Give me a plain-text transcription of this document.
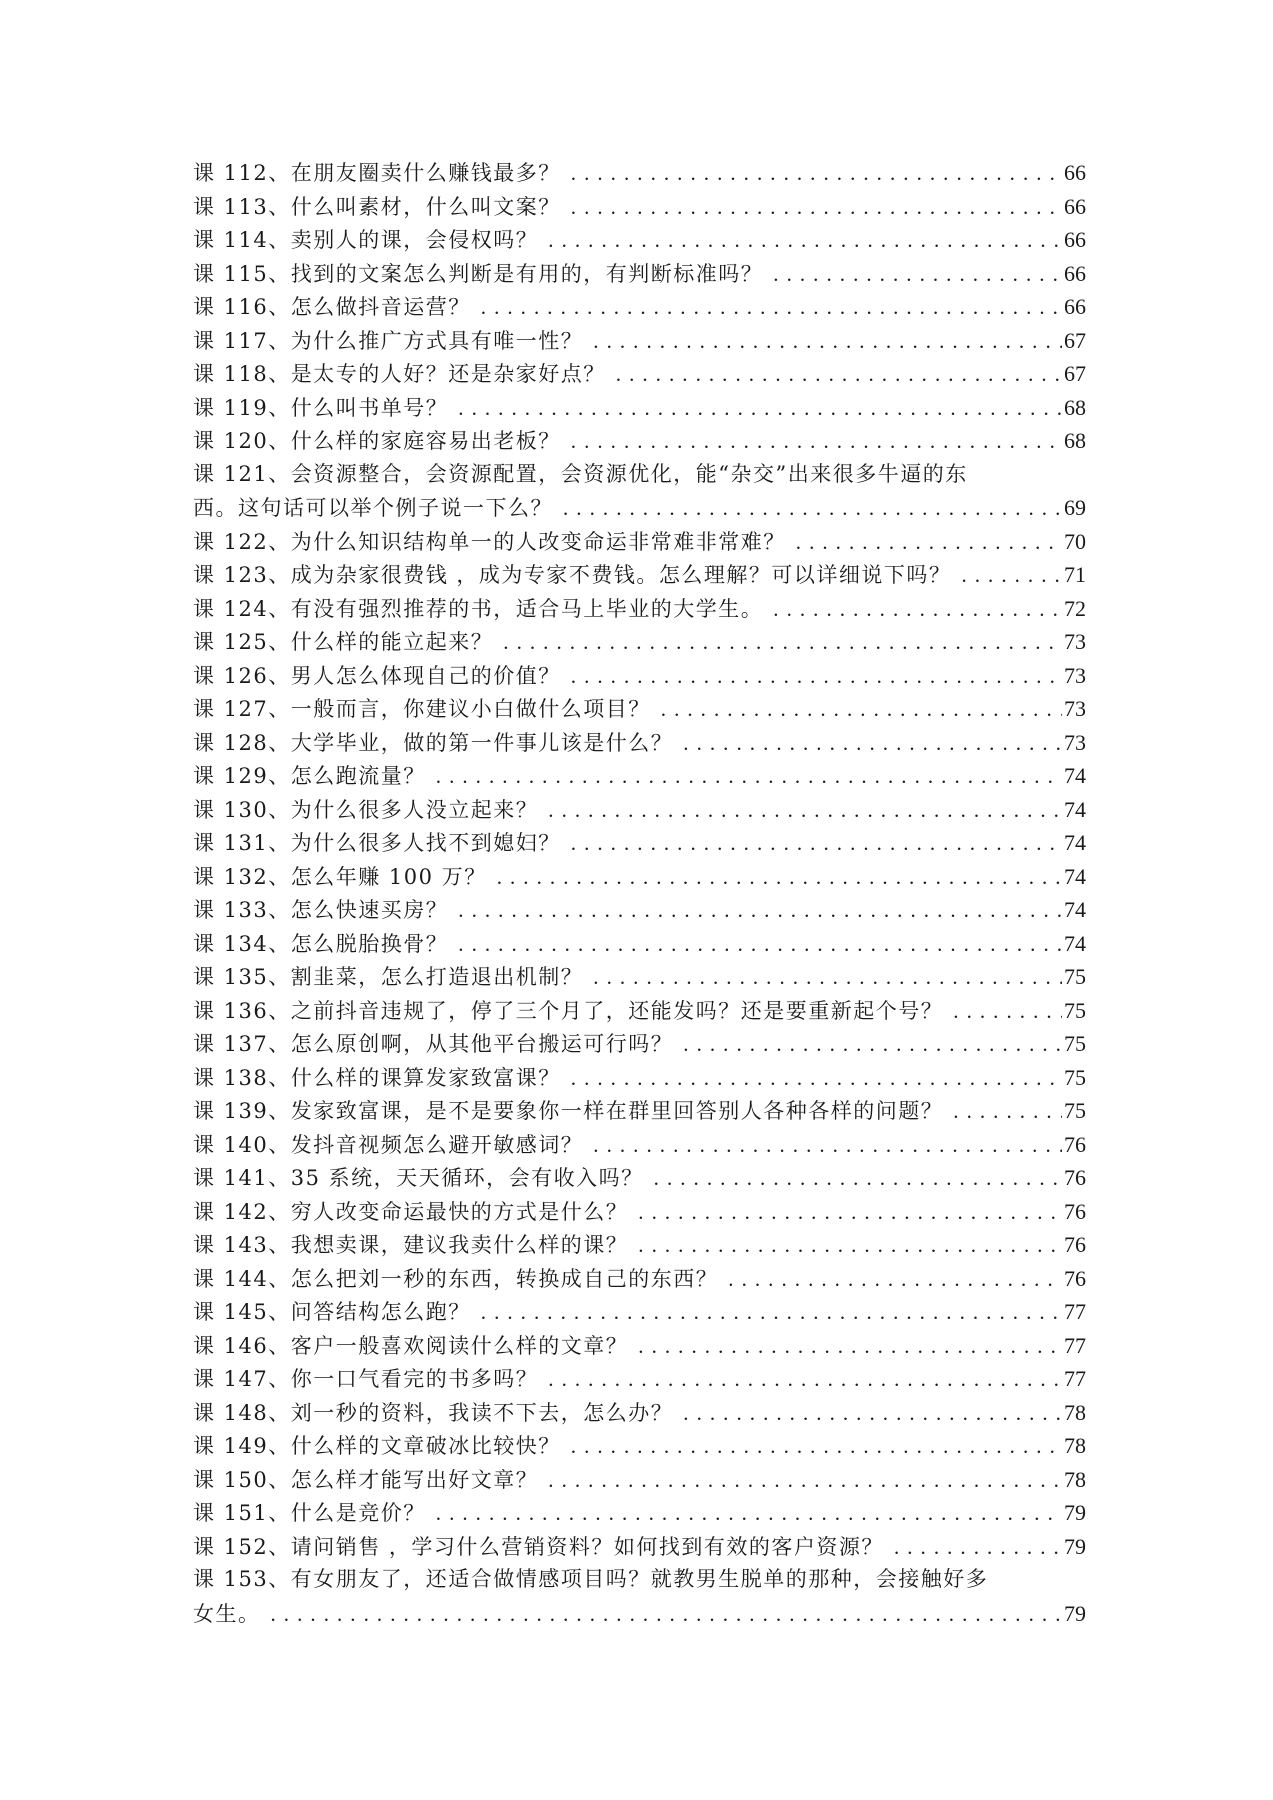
课 112、在朋友圈卖什么赚钱最多？ . . .	66
课 113、什么叫素材，什么叫文案？ . . .	66
课 114、卖别人的课，会侵权吗？ . . .	66
课 115、找到的文案怎么判断是有用的，有判断标准吗？ . . .	66
课 116、怎么做抖音运营？ . . .	66
课 117、为什么推广方式具有唯一性？ . . .	67
课 118、是太专的人好？还是杂家好点？ . . .	67
课 119、什么叫书单号？ . . .	68
课 120、什么样的家庭容易出老板？ . . .	68
课 121、会资源整合，会资源配置，会资源优化，能“杂交”出来很多牛逼的东
西。这句话可以举个例子说一下么？ . . .	69
课 122、为什么知识结构单一的人改变命运非常难非常难？ . . .	70
课 123、成为杂家很费钱 ，成为专家不费钱。怎么理解？可以详细说下吗？ . . .	71
课 124、有没有强烈推荐的书，适合马上毕业的大学生。 . . .	72
课 125、什么样的能立起来？ . . .	73
课 126、男人怎么体现自己的价值？ . . .	73
课 127、一般而言，你建议小白做什么项目？ . . .	73
课 128、大学毕业，做的第一件事儿该是什么？ . . .	73
课 129、怎么跑流量？ . . .	74
课 130、为什么很多人没立起来？ . . .	74
课 131、为什么很多人找不到媳妇？ . . .	74
课 132、怎么年赚 100 万？ . . .	74
课 133、怎么快速买房？ . . .	74
课 134、怎么脱胎换骨？ . . .	74
课 135、割韭菜，怎么打造退出机制？ . . .	75
课 136、之前抖音违规了，停了三个月了，还能发吗？还是要重新起个号？ . . .	75
课 137、怎么原创啊，从其他平台搬运可行吗？ . . .	75
课 138、什么样的课算发家致富课？ . . .	75
课 139、发家致富课，是不是要象你一样在群里回答别人各种各样的问题？ . . .	75
课 140、发抖音视频怎么避开敏感词？ . . .	76
课 141、35 系统，天天循环，会有收入吗？ . . .	76
课 142、穷人改变命运最快的方式是什么？ . . .	76
课 143、我想卖课，建议我卖什么样的课？ . . .	76
课 144、怎么把刘一秒的东西，转换成自己的东西？ . . .	76
课 145、问答结构怎么跑？ . . .	77
课 146、客户一般喜欢阅读什么样的文章？ . . .	77
课 147、你一口气看完的书多吗？ . . .	77
课 148、刘一秒的资料，我读不下去，怎么办？ . . .	78
课 149、什么样的文章破冰比较快？ . . .	78
课 150、怎么样才能写出好文章？ . . .	78
课 151、什么是竞价？ . . .	79
课 152、请问销售 ，学习什么营销资料？如何找到有效的客户资源？ . . .	79
课 153、有女朋友了，还适合做情感项目吗？就教男生脱单的那种，会接触好多
女生。 . . .	79
